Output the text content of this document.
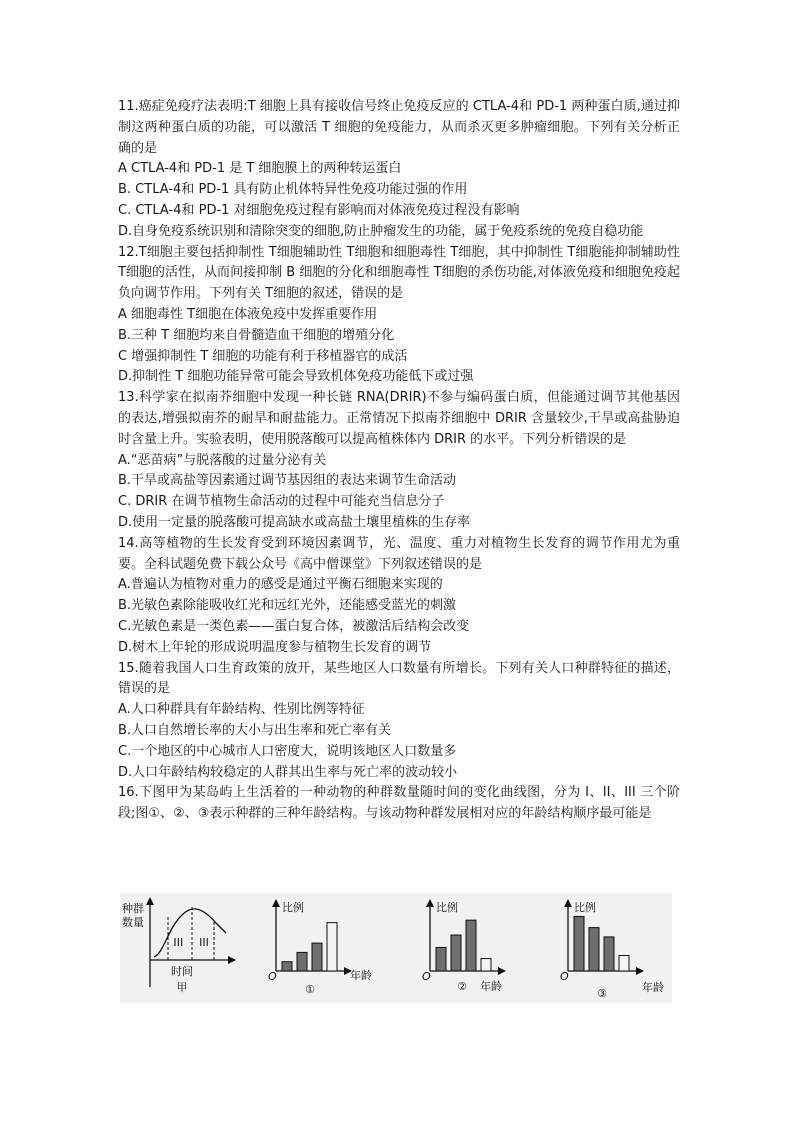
11.癌症免疫疗法表明:T 细胞上具有接收信号终止免疫反应的 CTLA-4和 PD-1 两种蛋白质,通过抑制这两种蛋白质的功能，可以激活 T 细胞的免疫能力，从而杀灭更多肿瘤细胞。下列有关分析正确的是

A CTLA-4和 PD-1 是 T 细胞膜上的两种转运蛋白

B. CTLA-4和 PD-1 具有防止机体特异性免疫功能过强的作用

C. CTLA-4和 PD-1 对细胞免疫过程有影响而对体液免疫过程没有影响

D.自身免疫系统识别和清除突变的细胞,防止肿瘤发生的功能，属于免疫系统的免疫自稳功能

12.T细胞主要包括抑制性 T细胞辅助性 T细胞和细胞毒性 T细胞，其中抑制性 T细胞能抑制辅助性 T细胞的活性，从而间接抑制 B 细胞的分化和细胞毒性 T细胞的杀伤功能,对体液免疫和细胞免疫起负向调节作用。下列有关 T细胞的叙述，错误的是

A 细胞毒性 T细胞在体液免疫中发挥重要作用

B.三种 T 细胞均来自骨髓造血干细胞的增殖分化

C 增强抑制性 T 细胞的功能有利于移植器官的成活

D.抑制性 T 细胞功能异常可能会导致机体免疫功能低下或过强

13.科学家在拟南芥细胞中发现一种长链 RNA(DRIR)不参与编码蛋白质，但能通过调节其他基因的表达,增强拟南芥的耐旱和耐盐能力。正常情况下拟南芥细胞中 DRIR 含量较少,干旱或高盐胁迫时含量上升。实验表明，使用脱落酸可以提高植株体内 DRIR 的水平。下列分析错误的是

A.“恶苗病”与脱落酸的过量分泌有关

B.干旱或高盐等因素通过调节基因组的表达来调节生命活动

C. DRIR 在调节植物生命活动的过程中可能充当信息分子

D.使用一定量的脱落酸可提高缺水或高盐土壤里植株的生存率

14.高等植物的生长发育受到环境因素调节，光、温度、重力对植物生长发育的调节作用尤为重要。全科试题免费下载公众号《高中僧课堂》下列叙述错误的是

A.普遍认为植物对重力的感受是通过平衡石细胞来实现的

B.光敏色素除能吸收红光和远红光外，还能感受蓝光的刺激

C.光敏色素是一类色素——蛋白复合体，被激活后结构会改变

D.树木上年轮的形成说明温度参与植物生长发育的调节

15.随着我国人口生育政策的放开，某些地区人口数量有所增长。下列有关人口种群特征的描述，错误的是

A.人口种群具有年龄结构、性别比例等特征

B.人口自然增长率的大小与出生率和死亡率有关

C.一个地区的中心城市人口密度大，说明该地区人口数量多

D.人口年龄结构较稳定的人群其出生率与死亡率的波动较小

16.下图甲为某岛屿上生活着的一种动物的种群数量随时间的变化曲线图，分为 I、II、III 三个阶段;图①、②、③表示种群的三种年龄结构。与该动物种群发展相对应的年龄结构顺序最可能是

种群
数量
I II III
时间
甲
比例
O	年龄
①
比例
O
年龄
②
比例
O
年龄
③
